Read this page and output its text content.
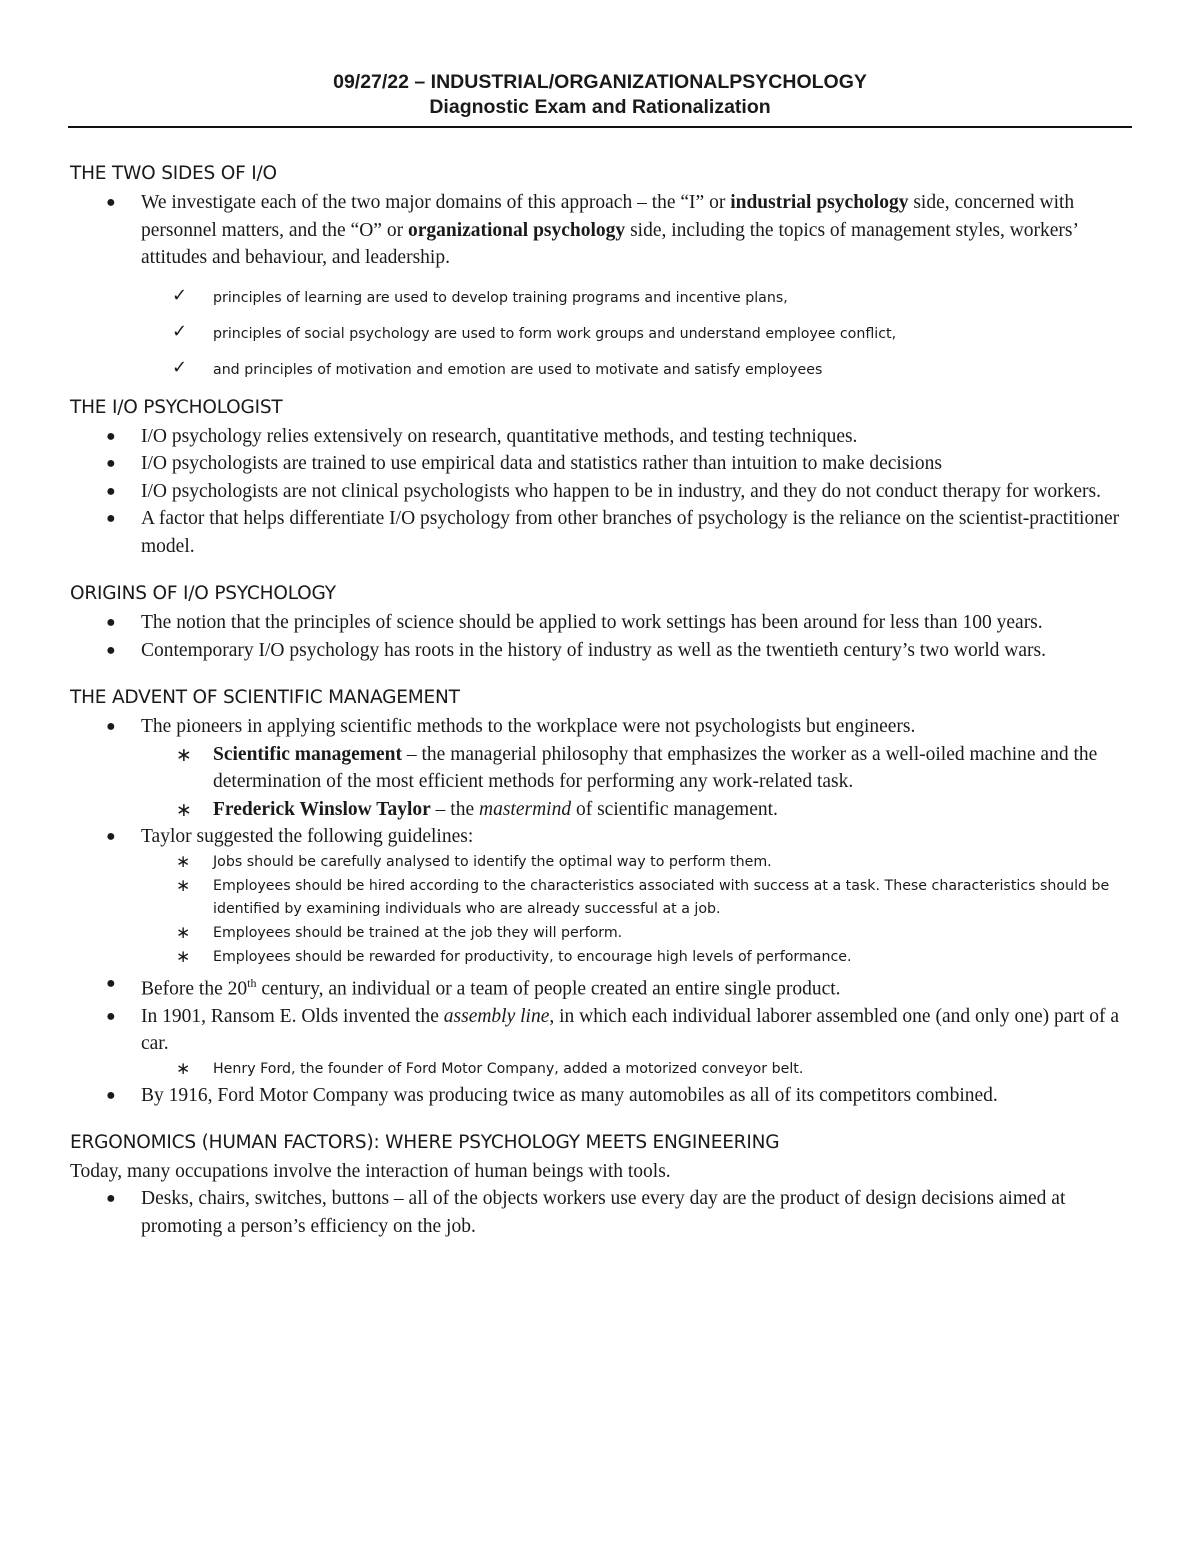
09/27/22 – INDUSTRIAL/ORGANIZATIONALPSYCHOLOGY
Diagnostic Exam and Rationalization
THE TWO SIDES OF I/O
● We investigate each of the two major domains of this approach – the “I” or industrial psychology side, concerned with personnel matters, and the “O” or organizational psychology side, including the topics of management styles, workers’ attitudes and behaviour, and leadership.
✓ principles of learning are used to develop training programs and incentive plans,
✓ principles of social psychology are used to form work groups and understand employee conflict,
✓ and principles of motivation and emotion are used to motivate and satisfy employees
THE I/O PSYCHOLOGIST
● I/O psychology relies extensively on research, quantitative methods, and testing techniques.
● I/O psychologists are trained to use empirical data and statistics rather than intuition to make decisions
● I/O psychologists are not clinical psychologists who happen to be in industry, and they do not conduct therapy for workers.
● A factor that helps differentiate I/O psychology from other branches of psychology is the reliance on the scientist-practitioner model.
ORIGINS OF I/O PSYCHOLOGY
● The notion that the principles of science should be applied to work settings has been around for less than 100 years.
● Contemporary I/O psychology has roots in the history of industry as well as the twentieth century’s two world wars.
THE ADVENT OF SCIENTIFIC MANAGEMENT
● The pioneers in applying scientific methods to the workplace were not psychologists but engineers.
∗ Scientific management – the managerial philosophy that emphasizes the worker as a well-oiled machine and the determination of the most efficient methods for performing any work-related task.
∗ Frederick Winslow Taylor – the mastermind of scientific management.
● Taylor suggested the following guidelines:
∗ Jobs should be carefully analysed to identify the optimal way to perform them.
∗ Employees should be hired according to the characteristics associated with success at a task. These characteristics should be identified by examining individuals who are already successful at a job.
∗ Employees should be trained at the job they will perform.
∗ Employees should be rewarded for productivity, to encourage high levels of performance.
● Before the 20th century, an individual or a team of people created an entire single product.
● In 1901, Ransom E. Olds invented the assembly line, in which each individual laborer assembled one (and only one) part of a car.
∗ Henry Ford, the founder of Ford Motor Company, added a motorized conveyor belt.
● By 1916, Ford Motor Company was producing twice as many automobiles as all of its competitors combined.
ERGONOMICS (HUMAN FACTORS): WHERE PSYCHOLOGY MEETS ENGINEERING
Today, many occupations involve the interaction of human beings with tools.
● Desks, chairs, switches, buttons – all of the objects workers use every day are the product of design decisions aimed at promoting a person’s efficiency on the job.
